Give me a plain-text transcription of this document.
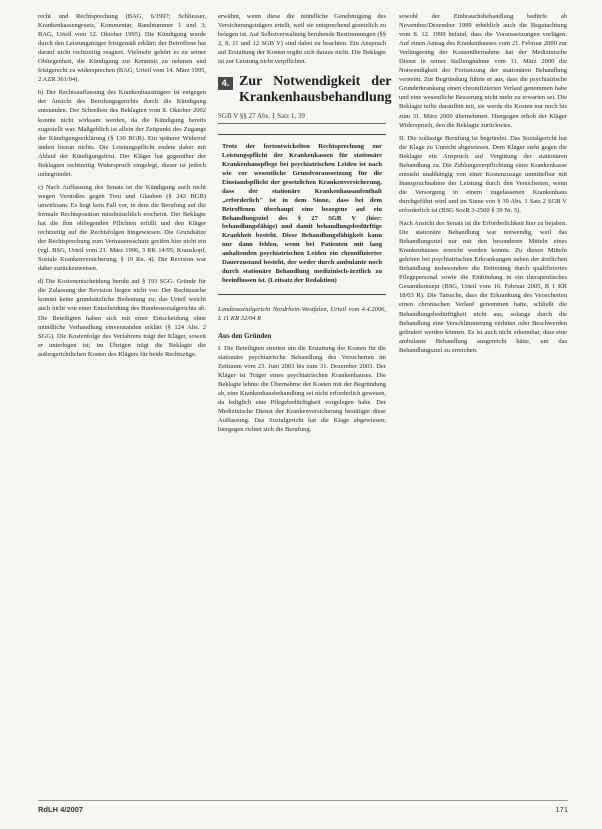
recht und Rechtsprechung (BAG, 6/1997; Schliesser, Krankenkassengesetz, Kommentar, Randnummer 1 und 3; BAG, Urteil vom 12. Oktober 1995). Die Kündigung wurde durch den Leistungsträger fristgemäß erklärt; der Betroffene hat darauf nicht rechtzeitig reagiert. Vielmehr gehört es zu seiner Obliegenheit, die Kündigung zur Kenntnis zu nehmen und fristgerecht zu widersprechen (BAG, Urteil vom 14. März 1995, 2 AZR 361/94).

b) Der Rechtsauffassung des Krankenhausträgers ist entgegen der Ansicht des Berufungsgerichts durch die Kündigung entstanden. Der Schreiben des Beklagten vom 8. Oktober 2002 konnte nicht wirksam werden, da die Kündigung bereits zugestellt war. Maßgeblich ist allein der Zeitpunkt des Zugangs der Kündigungserklärung (§ 130 BGB). Ein späterer Widerruf ändert hieran nichts. Die Leistungspflicht endete daher mit Ablauf der Kündigungsfrist. Der Kläger hat gegenüber der Beklagten rechtzeitig Widerspruch eingelegt, dieser ist jedoch unbegründet.

c) Nach Auffassung des Senats ist die Kündigung auch nicht wegen Verstoßes gegen Treu und Glauben (§ 242 BGB) unwirksam. Es liegt kein Fall vor, in dem die Berufung auf die formale Rechtsposition missbräuchlich erscheint. Der Beklagte hat die ihm obliegenden Pflichten erfüllt und den Kläger rechtzeitig auf die Rechtsfolgen hingewiesen. Die Grundsätze der Rechtsprechung zum Vertrauensschutz greifen hier nicht ein (vgl. BSG, Urteil vom 21. März 1996, 3 RK 14/95; Krauskopf, Soziale Krankenversicherung, § 19 Rn. 4). Die Revision war daher zurückzuweisen.

d) Die Kostenentscheidung beruht auf § 193 SGG. Gründe für die Zulassung der Revision liegen nicht vor. Der Rechtssache kommt keine grundsätzliche Bedeutung zu; das Urteil weicht auch nicht von einer Entscheidung des Bundessozialgerichts ab. Die Beteiligten haben sich mit einer Entscheidung ohne mündliche Verhandlung einverstanden erklärt (§ 124 Abs. 2 SGG). Die Kostenfolge des Verfahrens trägt der Kläger, soweit er unterlegen ist; im Übrigen trägt die Beklagte die außergerichtlichen Kosten des Klägers für beide Rechtszüge.

erwähnt, wenn diese die mündliche Genehmigung des Versicherungsträgers erteilt, weil sie entsprechend gesetzlich zu belegen ist. Auf Selbstverwaltung beruhende Bestimmungen (§§ 2, 8, 11 und 12 SGB V) sind dabei zu beachten. Ein Anspruch auf Erstattung der Kosten ergibt sich daraus nicht. Die Beklagte ist zur Leistung nicht verpflichtet.

4. Zur Notwendigkeit der Krankenhausbehandlung
SGB V §§ 27 Abs. 1 Satz 1, 39

Trotz der fortentwickelten Rechtsprechung zur Leistungspflicht der Krankenkassen für stationäre Krankenhauspflege bei psychiatrischen Leiden ist nach wie vor wesentliche Grundvoraussetzung für die Einstandspflicht der gesetzlichen Krankenversicherung, dass der stationäre Krankenhausaufenthalt „erforderlich" ist in dem Sinne, dass bei dem Betroffenen überhaupt eine bezogene auf ein Behandlungsziel des § 27 SGB V (hier: behandlungsfähige) und damit behandlungsbedürftige Krankheit besteht. Diese Behandlungsfähigkeit kann nur dann fehlen, wenn bei Patienten mit lang anhaltenden psychiatrischen Leiden ein chronifizierter Dauerzustand besteht, der weder durch ambulante noch durch stationäre Behandlung medizinisch-ärztlich zu beeinflussen ist. (Leitsatz der Redaktion)

Landessozialgericht Nordrhein-Westfalen, Urteil vom 4.4.2006, L 11 KR 32/04 R
Aus den Gründen

I. Die Beteiligten streiten um die Erstattung der Kosten für die stationäre psychiatrische Behandlung des Versicherten im Zeitraum vom 23. Juni 2003 bis zum 31. Dezember 2003. Der Kläger ist Träger eines psychiatrischen Krankenhauses. Die Beklagte lehnte die Übernahme der Kosten mit der Begründung ab, eine Krankenhausbehandlung sei nicht erforderlich gewesen, da lediglich eine Pflegebedürftigkeit vorgelegen habe. Der Medizinische Dienst der Krankenversicherung bestätigte diese Auffassung. Das Sozialgericht hat die Klage abgewiesen; hiergegen richtet sich die Berufung.

sowohl der Einbrauchsbehandlung bedürfe ab November/Dezember 1999 erheblich auch die Begutachtung vom 8. 12. 1999 befand, dass die Voraussetzungen vorlägen. Auf einen Antrag des Krankenhauses vom 21. Februar 2000 zur Verlängerung der Kostenübernahme hat der Medizinische Dienst in seiner Stellungnahme vom 11. März 2000 die Notwendigkeit der Fortsetzung der stationären Behandlung verneint. Zur Begründung führte er aus, dass die psychiatrische Grunderkrankung einen chronifizierten Verlauf genommen habe und eine wesentliche Besserung nicht mehr zu erwarten sei. Die Beklagte teilte daraufhin mit, sie werde die Kosten nur noch bis zum 31. März 2000 übernehmen. Hiergegen erhob der Kläger Widerspruch, den die Beklagte zurückwies.

II. Die zulässige Berufung ist begründet. Das Sozialgericht hat die Klage zu Unrecht abgewiesen. Dem Kläger steht gegen die Beklagte ein Anspruch auf Vergütung der stationären Behandlung zu. Die Zahlungsverpflichtung einer Krankenkasse entsteht unabhängig von einer Kostenzusage unmittelbar mit Inanspruchnahme der Leistung durch den Versicherten, wenn die Versorgung in einem zugelassenen Krankenhaus durchgeführt wird und im Sinne von § 39 Abs. 1 Satz 2 SGB V erforderlich ist (BSG SozR 3-2500 § 39 Nr. 5).

Nach Ansicht des Senats ist die Erforderlichkeit hier zu bejahen. Die stationäre Behandlung war notwendig, weil das Behandlungsziel nur mit den besonderen Mitteln eines Krankenhauses erreicht werden konnte. Zu diesen Mitteln gehören bei psychiatrischen Erkrankungen neben der ärztlichen Behandlung insbesondere die Betreuung durch qualifiziertes Pflegepersonal sowie die Einbindung in ein therapeutisches Gesamtkonzept (BSG, Urteil vom 16. Februar 2005, B 1 KR 18/03 R). Die Tatsache, dass die Erkrankung des Versicherten einen chronischen Verlauf genommen hatte, schließt die Behandlungsbedürftigkeit nicht aus, solange durch die Behandlung eine Verschlimmerung verhütet oder Beschwerden gelindert werden können. Es ist auch nicht erkennbar, dass eine ambulante Behandlung ausgereicht hätte, um das Behandlungsziel zu erreichen.

RdLH 4/2007	171
